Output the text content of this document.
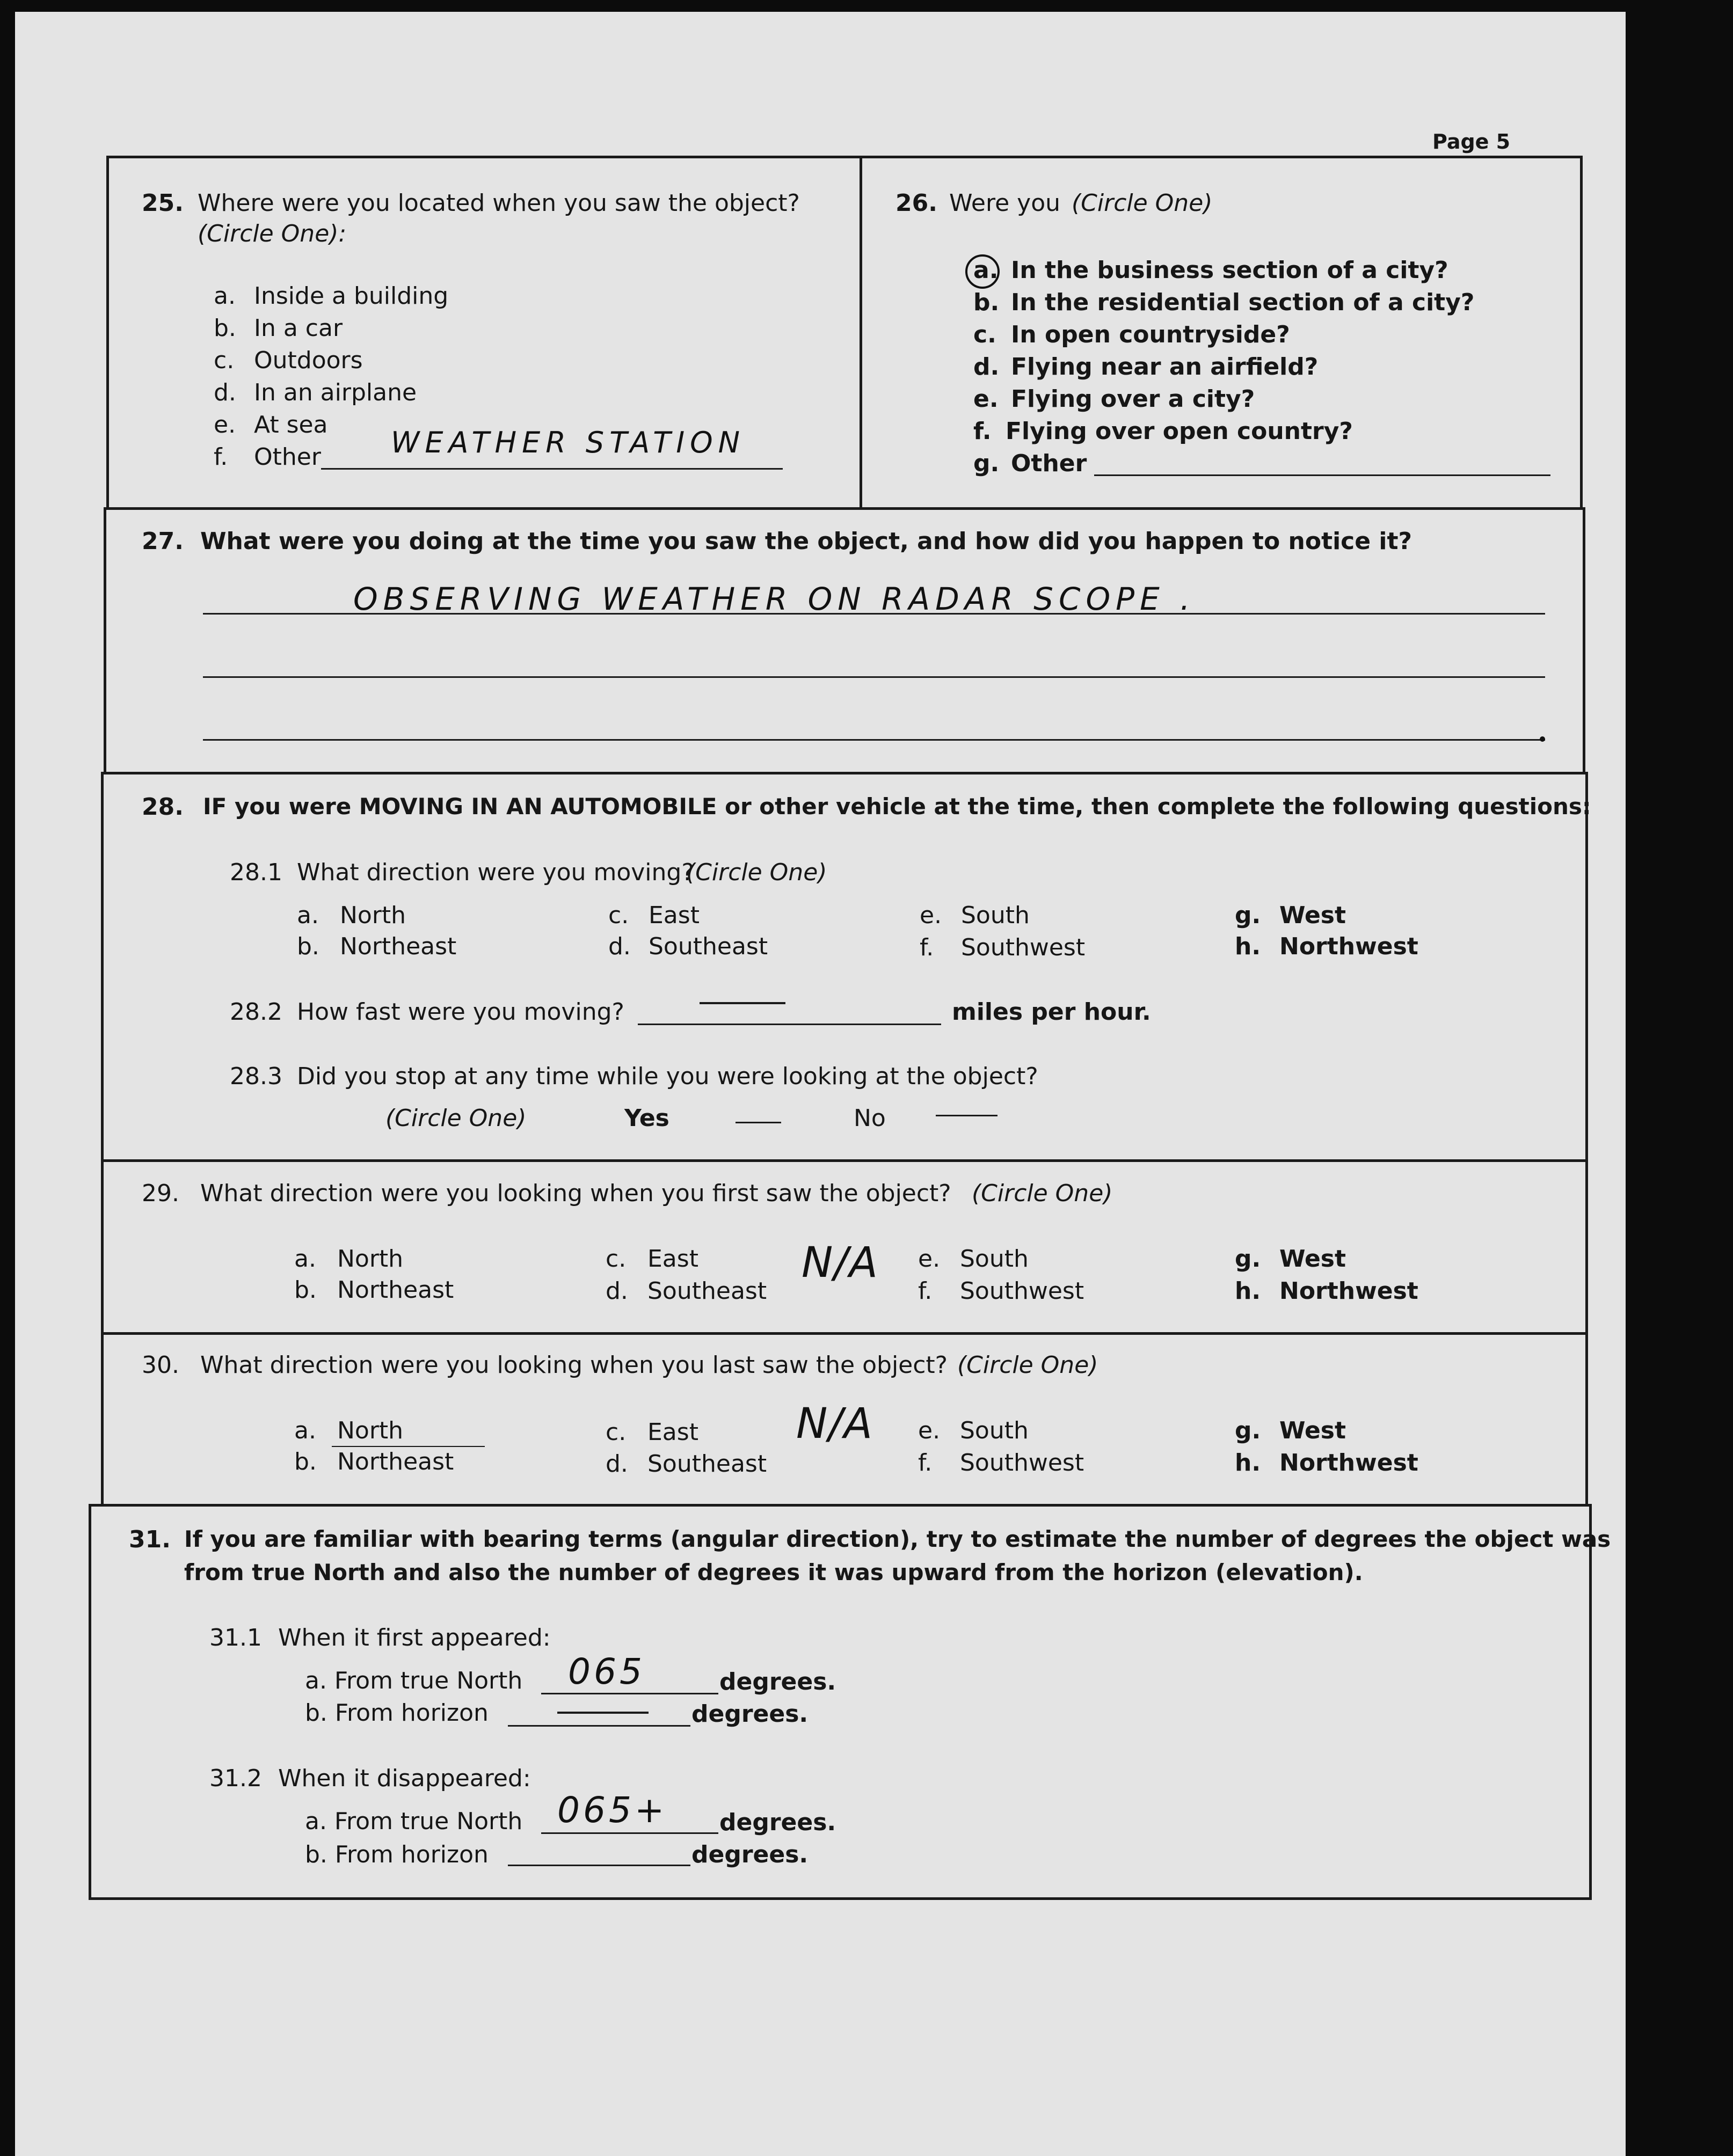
Page 5
25. Where were you located when you saw the object?
(Circle One):
a. Inside a building
b. In a car
c. Outdoors
d. In an airplane
e. At sea
f. Other WEATHER STATION
26. Were you (Circle One)
a. In the business section of a city?
b. In the residential section of a city?
c. In open countryside?
d. Flying near an airfield?
e. Flying over a city?
f. Flying over open country?
g. Other
27. What were you doing at the time you saw the object, and how did you happen to notice it?
OBSERVING WEATHER ON RADAR SCOPE .
28. IF you were MOVING IN AN AUTOMOBILE or other vehicle at the time, then complete the following questions:
28.1 What direction were you moving?
(Circle One)
a. North
b. Northeast
c. East
d. Southeast
e. South
f. Southwest
g. West
h. Northwest
28.2 How fast were you moving?	miles per hour.
28.3 Did you stop at any time while you were looking at the object?
(Circle One)	Yes	No
29. What direction were you looking when you first saw the object? (Circle One)
a. North
b. Northeast
c. East
d. Southeast
e. South
f. Southwest
g. West
h. Northwest
N/A
30. What direction were you looking when you last saw the object? (Circle One)
a. North
b. Northeast
c. East
d. Southeast
e. South
f. Southwest
g. West
h. Northwest
N/A
31. If you are familiar with bearing terms (angular direction), try to estimate the number of degrees the object was
from true North and also the number of degrees it was upward from the horizon (elevation).
31.1 When it first appeared:
a. From true North 065	degrees.
b. From horizon	degrees.
31.2 When it disappeared:
a. From true North 065+ degrees.
b. From horizon	degrees.
